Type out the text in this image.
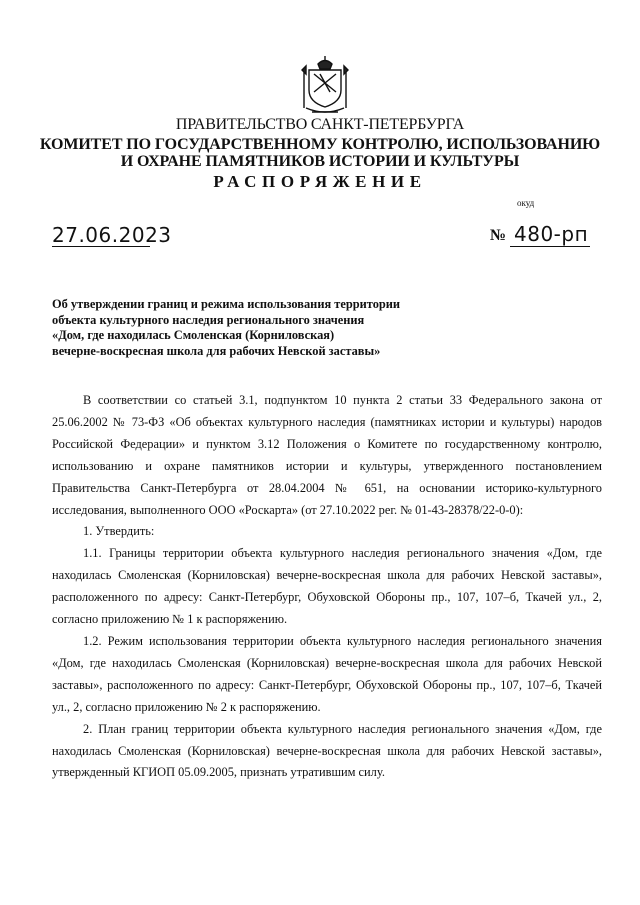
ПРАВИТЕЛЬСТВО САНКТ-ПЕТЕРБУРГА
КОМИТЕТ ПО ГОСУДАРСТВЕННОМУ КОНТРОЛЮ, ИСПОЛЬЗОВАНИЮ
И ОХРАНЕ ПАМЯТНИКОВ ИСТОРИИ И КУЛЬТУРЫ
РАСПОРЯЖЕНИЕ
окуд
27.06.2023	№ 480-рп
Об утверждении границ и режима использования территории
объекта культурного наследия регионального значения
«Дом, где находилась Смоленская (Корниловская)
вечерне-воскресная школа для рабочих Невской заставы»

В соответствии со статьей 3.1, подпунктом 10 пункта 2 статьи 33 Федерального закона от 25.06.2002 № 73-ФЗ «Об объектах культурного наследия (памятниках истории и культуры) народов Российской Федерации» и пунктом 3.12 Положения о Комитете по государственному контролю, использованию и охране памятников истории и культуры, утвержденного постановлением Правительства Санкт-Петербурга от 28.04.2004 № 651, на основании историко-культурного исследования, выполненного ООО «Роскарта» (от 27.10.2022 рег. № 01-43-28378/22-0-0):

1. Утвердить:

1.1. Границы территории объекта культурного наследия регионального значения «Дом, где находилась Смоленская (Корниловская) вечерне-воскресная школа для рабочих Невской заставы», расположенного по адресу: Санкт-Петербург, Обуховской Обороны пр., 107, 107–б, Ткачей ул., 2, согласно приложению № 1 к распоряжению.

1.2. Режим использования территории объекта культурного наследия регионального значения «Дом, где находилась Смоленская (Корниловская) вечерне-воскресная школа для рабочих Невской заставы», расположенного по адресу: Санкт-Петербург, Обуховской Обороны пр., 107, 107–б, Ткачей ул., 2, согласно приложению № 2 к распоряжению.

2. План границ территории объекта культурного наследия регионального значения «Дом, где находилась Смоленская (Корниловская) вечерне-воскресная школа для рабочих Невской заставы», утвержденный КГИОП 05.09.2005, признать утратившим силу.
